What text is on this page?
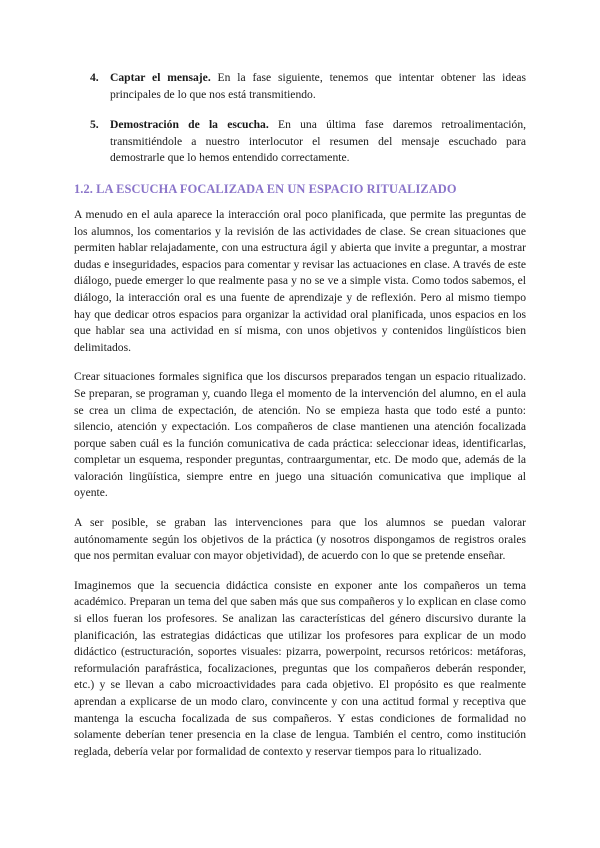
4. Captar el mensaje. En la fase siguiente, tenemos que intentar obtener las ideas principales de lo que nos está transmitiendo.
5. Demostración de la escucha. En una última fase daremos retroalimentación, transmitiéndole a nuestro interlocutor el resumen del mensaje escuchado para demostrarle que lo hemos entendido correctamente.
1.2. LA ESCUCHA FOCALIZADA EN UN ESPACIO RITUALIZADO

A menudo en el aula aparece la interacción oral poco planificada, que permite las preguntas de los alumnos, los comentarios y la revisión de las actividades de clase. Se crean situaciones que permiten hablar relajadamente, con una estructura ágil y abierta que invite a preguntar, a mostrar dudas e inseguridades, espacios para comentar y revisar las actuaciones en clase. A través de este diálogo, puede emerger lo que realmente pasa y no se ve a simple vista. Como todos sabemos, el diálogo, la interacción oral es una fuente de aprendizaje y de reflexión. Pero al mismo tiempo hay que dedicar otros espacios para organizar la actividad oral planificada, unos espacios en los que hablar sea una actividad en sí misma, con unos objetivos y contenidos lingüísticos bien delimitados.

Crear situaciones formales significa que los discursos preparados tengan un espacio ritualizado. Se preparan, se programan y, cuando llega el momento de la intervención del alumno, en el aula se crea un clima de expectación, de atención. No se empieza hasta que todo esté a punto: silencio, atención y expectación. Los compañeros de clase mantienen una atención focalizada porque saben cuál es la función comunicativa de cada práctica: seleccionar ideas, identificarlas, completar un esquema, responder preguntas, contraargumentar, etc. De modo que, además de la valoración lingüística, siempre entre en juego una situación comunicativa que implique al oyente.

A ser posible, se graban las intervenciones para que los alumnos se puedan valorar autónomamente según los objetivos de la práctica (y nosotros dispongamos de registros orales que nos permitan evaluar con mayor objetividad), de acuerdo con lo que se pretende enseñar.

Imaginemos que la secuencia didáctica consiste en exponer ante los compañeros un tema académico. Preparan un tema del que saben más que sus compañeros y lo explican en clase como si ellos fueran los profesores. Se analizan las características del género discursivo durante la planificación, las estrategias didácticas que utilizar los profesores para explicar de un modo didáctico (estructuración, soportes visuales: pizarra, powerpoint, recursos retóricos: metáforas, reformulación parafrástica, focalizaciones, preguntas que los compañeros deberán responder, etc.) y se llevan a cabo microactividades para cada objetivo. El propósito es que realmente aprendan a explicarse de un modo claro, convincente y con una actitud formal y receptiva que mantenga la escucha focalizada de sus compañeros. Y estas condiciones de formalidad no solamente deberían tener presencia en la clase de lengua. También el centro, como institución reglada, debería velar por formalidad de contexto y reservar tiempos para lo ritualizado.
